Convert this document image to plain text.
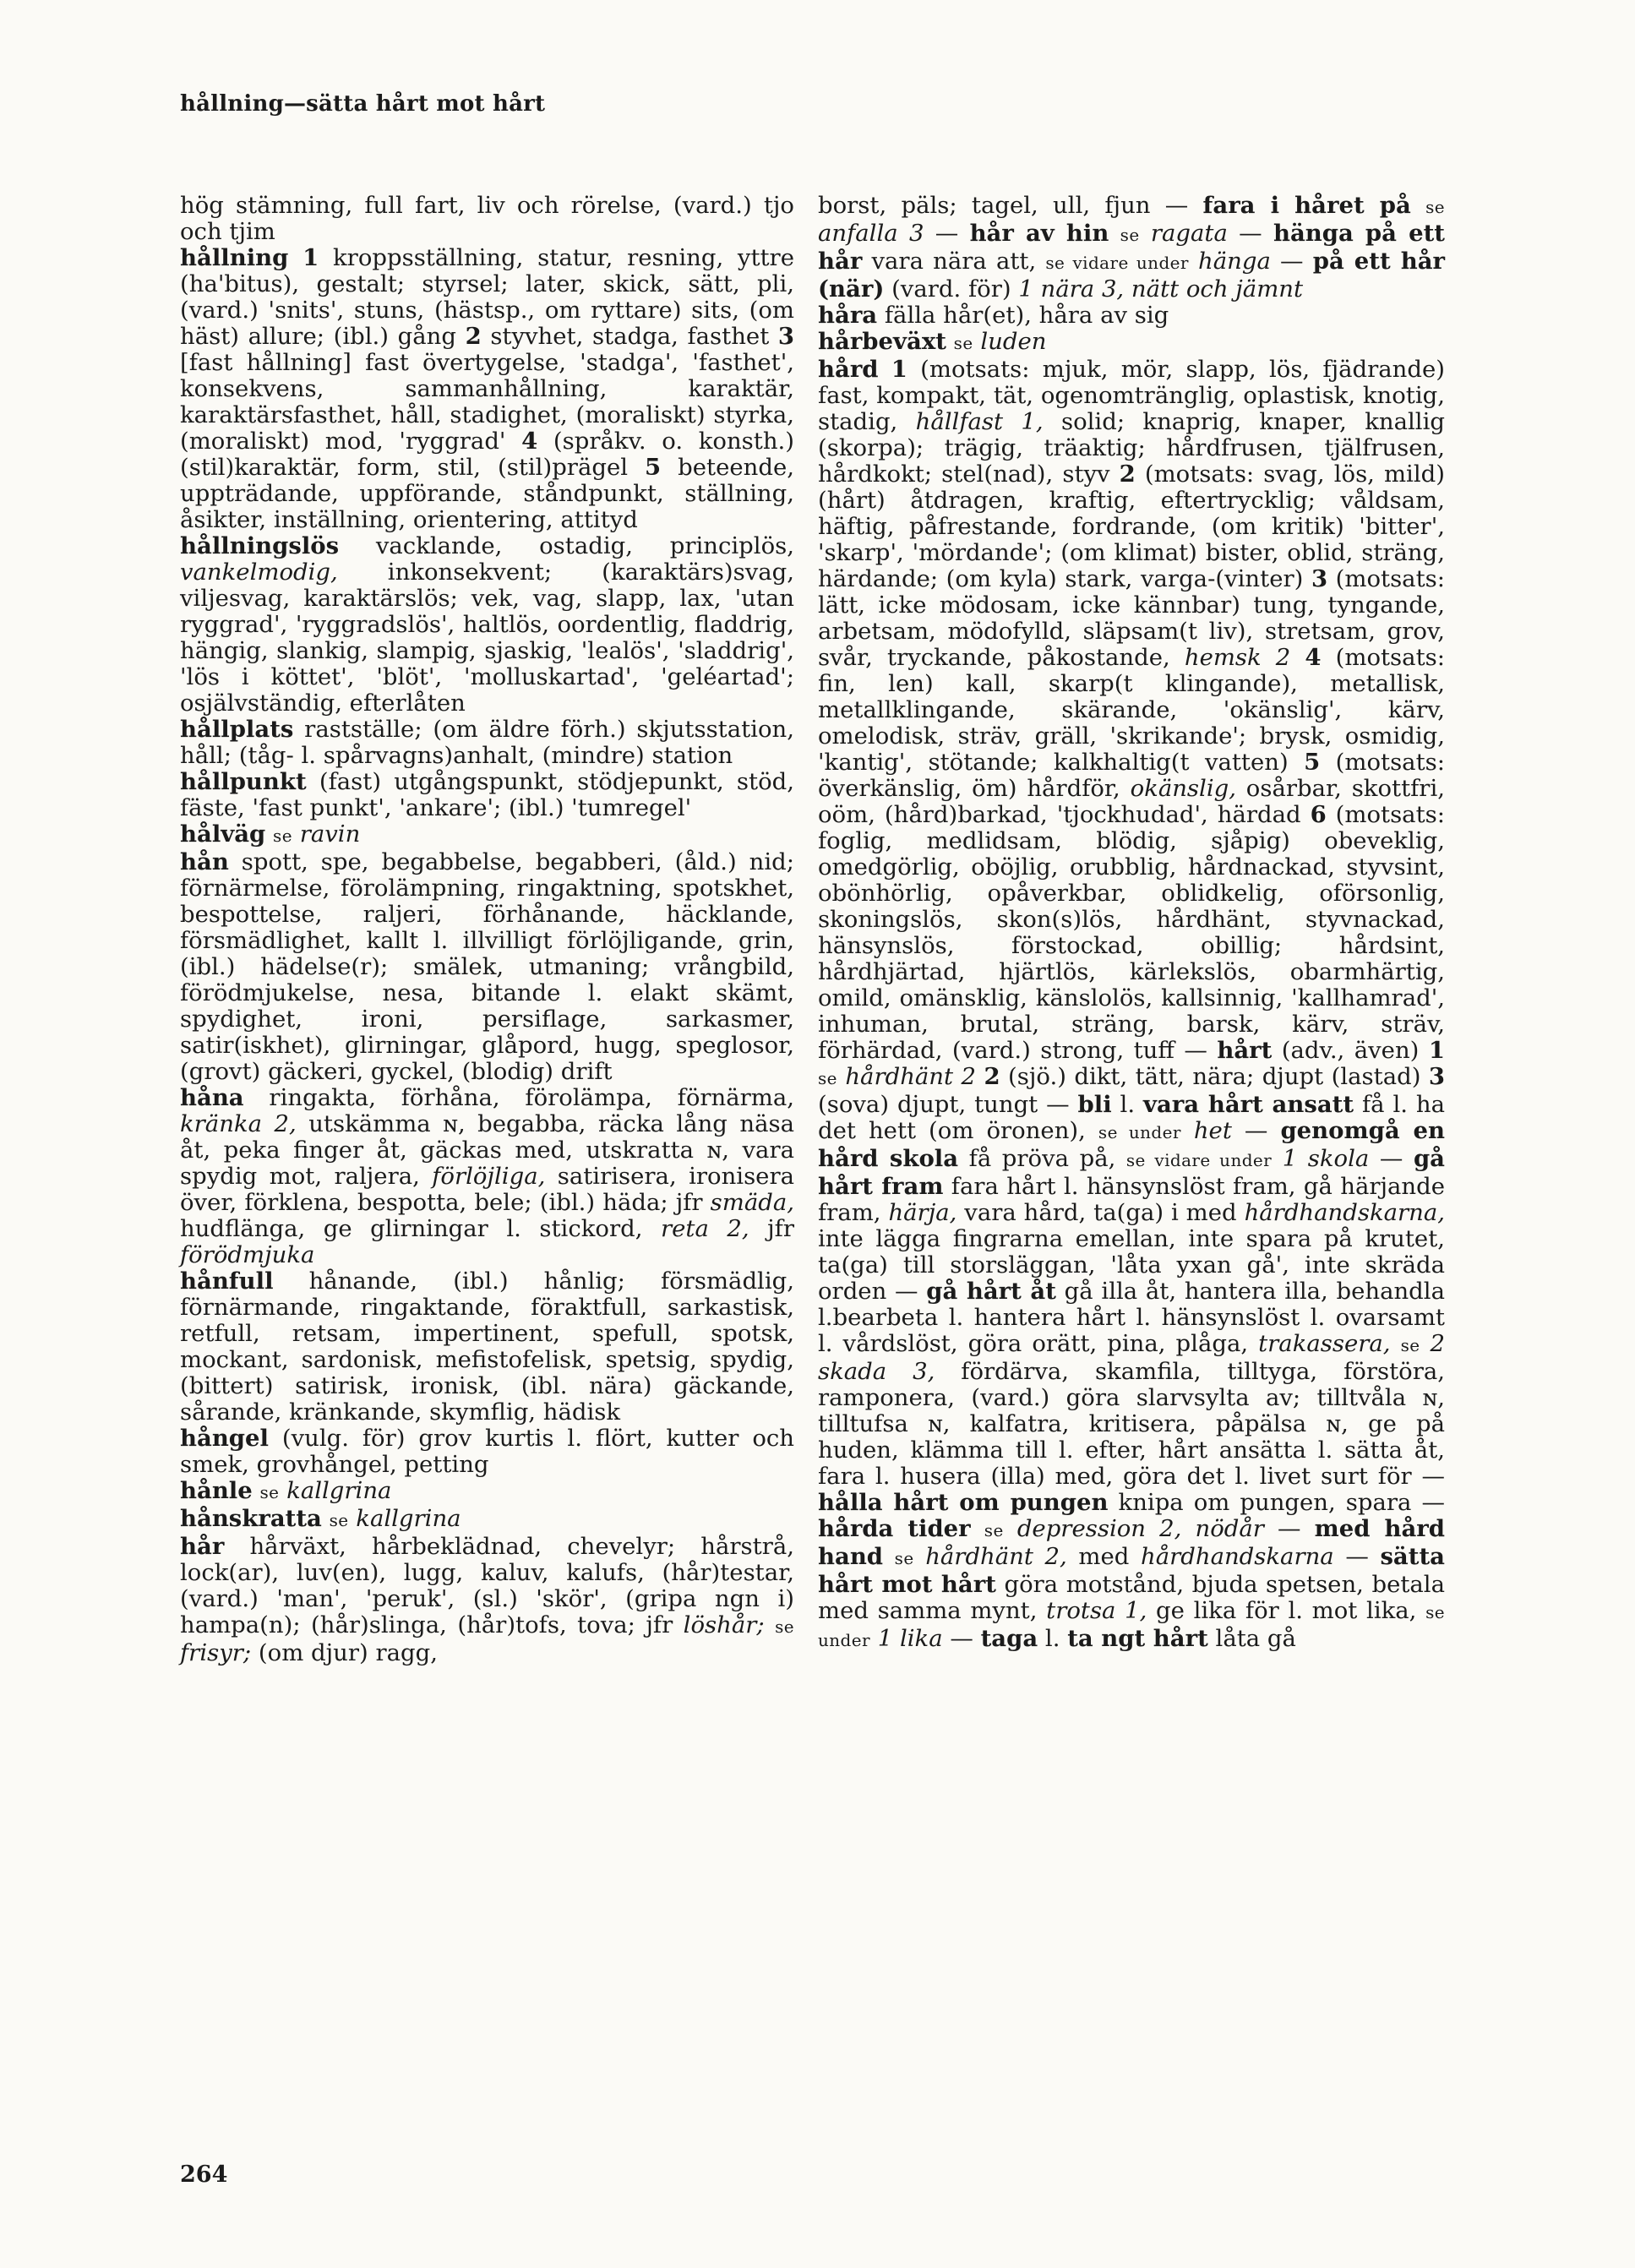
hållning—sätta hårt mot hårt

hög stämning, full fart, liv och rörelse, (vard.) tjo och tjim

hållning 1 kroppsställning, statur, resning, yttre (ha'bitus), gestalt; styrsel; later, skick, sätt, pli, (vard.) 'snits', stuns, (hästsp., om ryttare) sits, (om häst) allure; (ibl.) gång 2 styvhet, stadga, fasthet 3 [fast hållning] fast övertygelse, 'stadga', 'fasthet', konsekvens, sammanhållning, karaktär, karaktärsfasthet, håll, stadighet, (moraliskt) styrka, (moraliskt) mod, 'ryggrad' 4 (språkv. o. konsth.) (stil)karaktär, form, stil, (stil)prägel 5 beteende, uppträdande, uppförande, ståndpunkt, ställning, åsikter, inställning, orientering, attityd

hållningslös vacklande, ostadig, principlös, vankelmodig, inkonsekvent; (karaktärs)svag, viljesvag, karaktärslös; vek, vag, slapp, lax, 'utan ryggrad', 'ryggradslös', haltlös, oordentlig, fladdrig, hängig, slankig, slampig, sjaskig, 'lealös', 'sladdrig', 'lös i köttet', 'blöt', 'molluskartad', 'geléartad'; osjälvständig, efterlåten

hållplats rastställe; (om äldre förh.) skjutsstation, håll; (tåg- l. spårvagns)anhalt, (mindre) station

hållpunkt (fast) utgångspunkt, stödjepunkt, stöd, fäste, 'fast punkt', 'ankare'; (ibl.) 'tumregel'

hålväg se ravin

hån spott, spe, begabbelse, begabberi, (åld.) nid; förnärmelse, förolämpning, ringaktning, spotskhet, bespottelse, raljeri, förhånande, häcklande, försmädlighet, kallt l. illvilligt förlöjligande, grin, (ibl.) hädelse(r); smälek, utmaning; vrångbild, förödmjukelse, nesa, bitande l. elakt skämt, spydighet, ironi, persiflage, sarkasmer, satir(iskhet), glirningar, glåpord, hugg, speglosor, (grovt) gäckeri, gyckel, (blodig) drift

håna ringakta, förhåna, förolämpa, förnärma, kränka 2, utskämma ɴ, begabba, räcka lång näsa åt, peka finger åt, gäckas med, utskratta ɴ, vara spydig mot, raljera, förlöjliga, satirisera, ironisera över, förklena, bespotta, bele; (ibl.) häda; jfr smäda, hudflänga, ge glirningar l. stickord, reta 2, jfr förödmjuka

hånfull hånande, (ibl.) hånlig; försmädlig, förnärmande, ringaktande, föraktfull, sarkastisk, retfull, retsam, impertinent, spefull, spotsk, mockant, sardonisk, mefistofelisk, spetsig, spydig, (bittert) satirisk, ironisk, (ibl. nära) gäckande, sårande, kränkande, skymflig, hädisk

hångel (vulg. för) grov kurtis l. flört, kutter och smek, grovhångel, petting

hånle se kallgrina

hånskratta se kallgrina

hår hårväxt, hårbeklädnad, chevelyr; hårstrå, lock(ar), luv(en), lugg, kaluv, kalufs, (hår)testar, (vard.) 'man', 'peruk', (sl.) 'skör', (gripa ngn i) hampa(n); (hår)slinga, (hår)tofs, tova; jfr löshår; se frisyr; (om djur) ragg,

borst, päls; tagel, ull, fjun — fara i håret på se anfalla 3 — hår av hin se ragata — hänga på ett hår vara nära att, se vidare under hänga — på ett hår (när) (vard. för) 1 nära 3, nätt och jämnt

håra fälla hår(et), håra av sig

hårbeväxt se luden

hård 1 (motsats: mjuk, mör, slapp, lös, fjädrande) fast, kompakt, tät, ogenomtränglig, oplastisk, knotig, stadig, hållfast 1, solid; knaprig, knaper, knallig (skorpa); trägig, träaktig; hårdfrusen, tjälfrusen, hårdkokt; stel(nad), styv 2 (motsats: svag, lös, mild) (hårt) åtdragen, kraftig, eftertrycklig; våldsam, häftig, påfrestande, fordrande, (om kritik) 'bitter', 'skarp', 'mördande'; (om klimat) bister, oblid, sträng, härdande; (om kyla) stark, varga-(vinter) 3 (motsats: lätt, icke mödosam, icke kännbar) tung, tyngande, arbetsam, mödofylld, släpsam(t liv), stretsam, grov, svår, tryckande, påkostande, hemsk 2 4 (motsats: fin, len) kall, skarp(t klingande), metallisk, metallklingande, skärande, 'okänslig', kärv, omelodisk, sträv, gräll, 'skrikande'; brysk, osmidig, 'kantig', stötande; kalkhaltig(t vatten) 5 (motsats: överkänslig, öm) hårdför, okänslig, osårbar, skottfri, oöm, (hård)barkad, 'tjockhudad', härdad 6 (motsats: foglig, medlidsam, blödig, sjåpig) obeveklig, omedgörlig, oböjlig, orubblig, hårdnackad, styvsint, obönhörlig, opåverkbar, oblidkelig, oförsonlig, skoningslös, skon(s)lös, hårdhänt, styvnackad, hänsynslös, förstockad, obillig; hårdsint, hårdhjärtad, hjärtlös, kärlekslös, obarmhärtig, omild, omänsklig, känslolös, kallsinnig, 'kallhamrad', inhuman, brutal, sträng, barsk, kärv, sträv, förhärdad, (vard.) strong, tuff — hårt (adv., även) 1 se hårdhänt 2 2 (sjö.) dikt, tätt, nära; djupt (lastad) 3 (sova) djupt, tungt — bli l. vara hårt ansatt få l. ha det hett (om öronen), se under het — genomgå en hård skola få pröva på, se vidare under 1 skola — gå hårt fram fara hårt l. hänsynslöst fram, gå härjande fram, härja, vara hård, ta(ga) i med hårdhandskarna, inte lägga fingrarna emellan, inte spara på krutet, ta(ga) till storsläggan, 'låta yxan gå', inte skräda orden — gå hårt åt gå illa åt, hantera illa, behandla l.bearbeta l. hantera hårt l. hänsynslöst l. ovarsamt l. vårdslöst, göra orätt, pina, plåga, trakassera, se 2 skada 3, fördärva, skamfila, tilltyga, förstöra, ramponera, (vard.) göra slarvsylta av; tilltvåla ɴ, tilltufsa ɴ, kalfatra, kritisera, påpälsa ɴ, ge på huden, klämma till l. efter, hårt ansätta l. sätta åt, fara l. husera (illa) med, göra det l. livet surt för — hålla hårt om pungen knipa om pungen, spara — hårda tider se depression 2, nödår — med hård hand se hårdhänt 2, med hårdhandskarna — sätta hårt mot hårt göra motstånd, bjuda spetsen, betala med samma mynt, trotsa 1, ge lika för l. mot lika, se under 1 lika — taga l. ta ngt hårt låta gå

264
